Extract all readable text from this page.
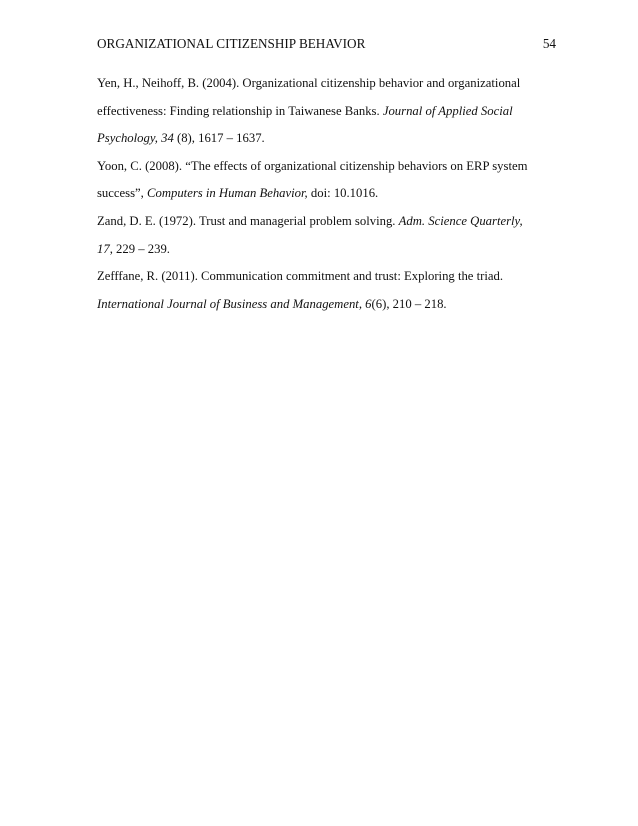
ORGANIZATIONAL CITIZENSHIP BEHAVIOR	54

Yen, H., Neihoff, B. (2004). Organizational citizenship behavior and organizational
effectiveness: Finding relationship in Taiwanese Banks. Journal of Applied Social
Psychology, 34 (8), 1617 – 1637.

Yoon, C. (2008). “The effects of organizational citizenship behaviors on ERP system
success”, Computers in Human Behavior, doi: 10.1016.

Zand, D. E. (1972). Trust and managerial problem solving. Adm. Science Quarterly,
17, 229 – 239.

Zefffane, R. (2011). Communication commitment and trust: Exploring the triad.
International Journal of Business and Management, 6(6), 210 – 218.
